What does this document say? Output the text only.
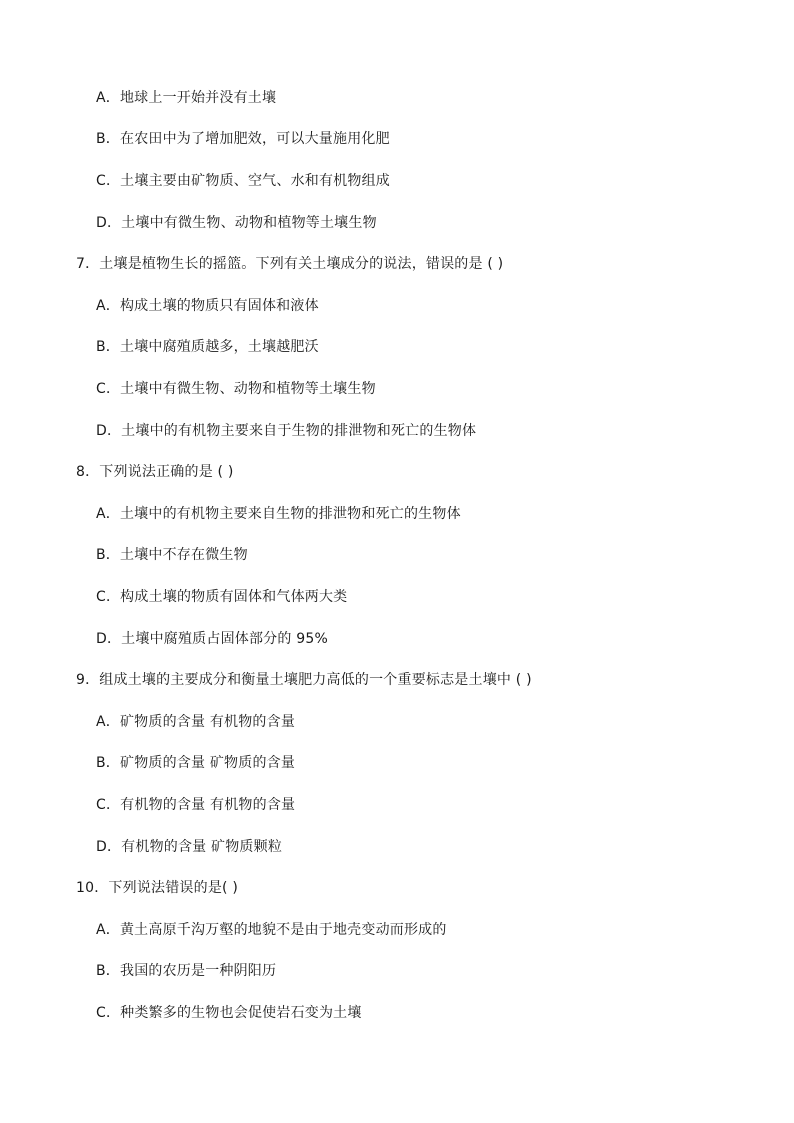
A．地球上一开始并没有土壤
B．在农田中为了增加肥效，可以大量施用化肥
C．土壤主要由矿物质、空气、水和有机物组成
D．土壤中有微生物、动物和植物等土壤生物
7．土壤是植物生长的摇篮。下列有关土壤成分的说法，错误的是 ( )
A．构成土壤的物质只有固体和液体
B．土壤中腐殖质越多，土壤越肥沃
C．土壤中有微生物、动物和植物等土壤生物
D．土壤中的有机物主要来自于生物的排泄物和死亡的生物体
8．下列说法正确的是 ( )
A．土壤中的有机物主要来自生物的排泄物和死亡的生物体
B．土壤中不存在微生物
C．构成土壤的物质有固体和气体两大类
D．土壤中腐殖质占固体部分的 95%
9．组成土壤的主要成分和衡量土壤肥力高低的一个重要标志是土壤中 ( )
A．矿物质的含量 有机物的含量
B．矿物质的含量 矿物质的含量
C．有机物的含量 有机物的含量
D．有机物的含量 矿物质颗粒
10．下列说法错误的是( )
A．黄土高原千沟万壑的地貌不是由于地壳变动而形成的
B．我国的农历是一种阴阳历
C．种类繁多的生物也会促使岩石变为土壤
